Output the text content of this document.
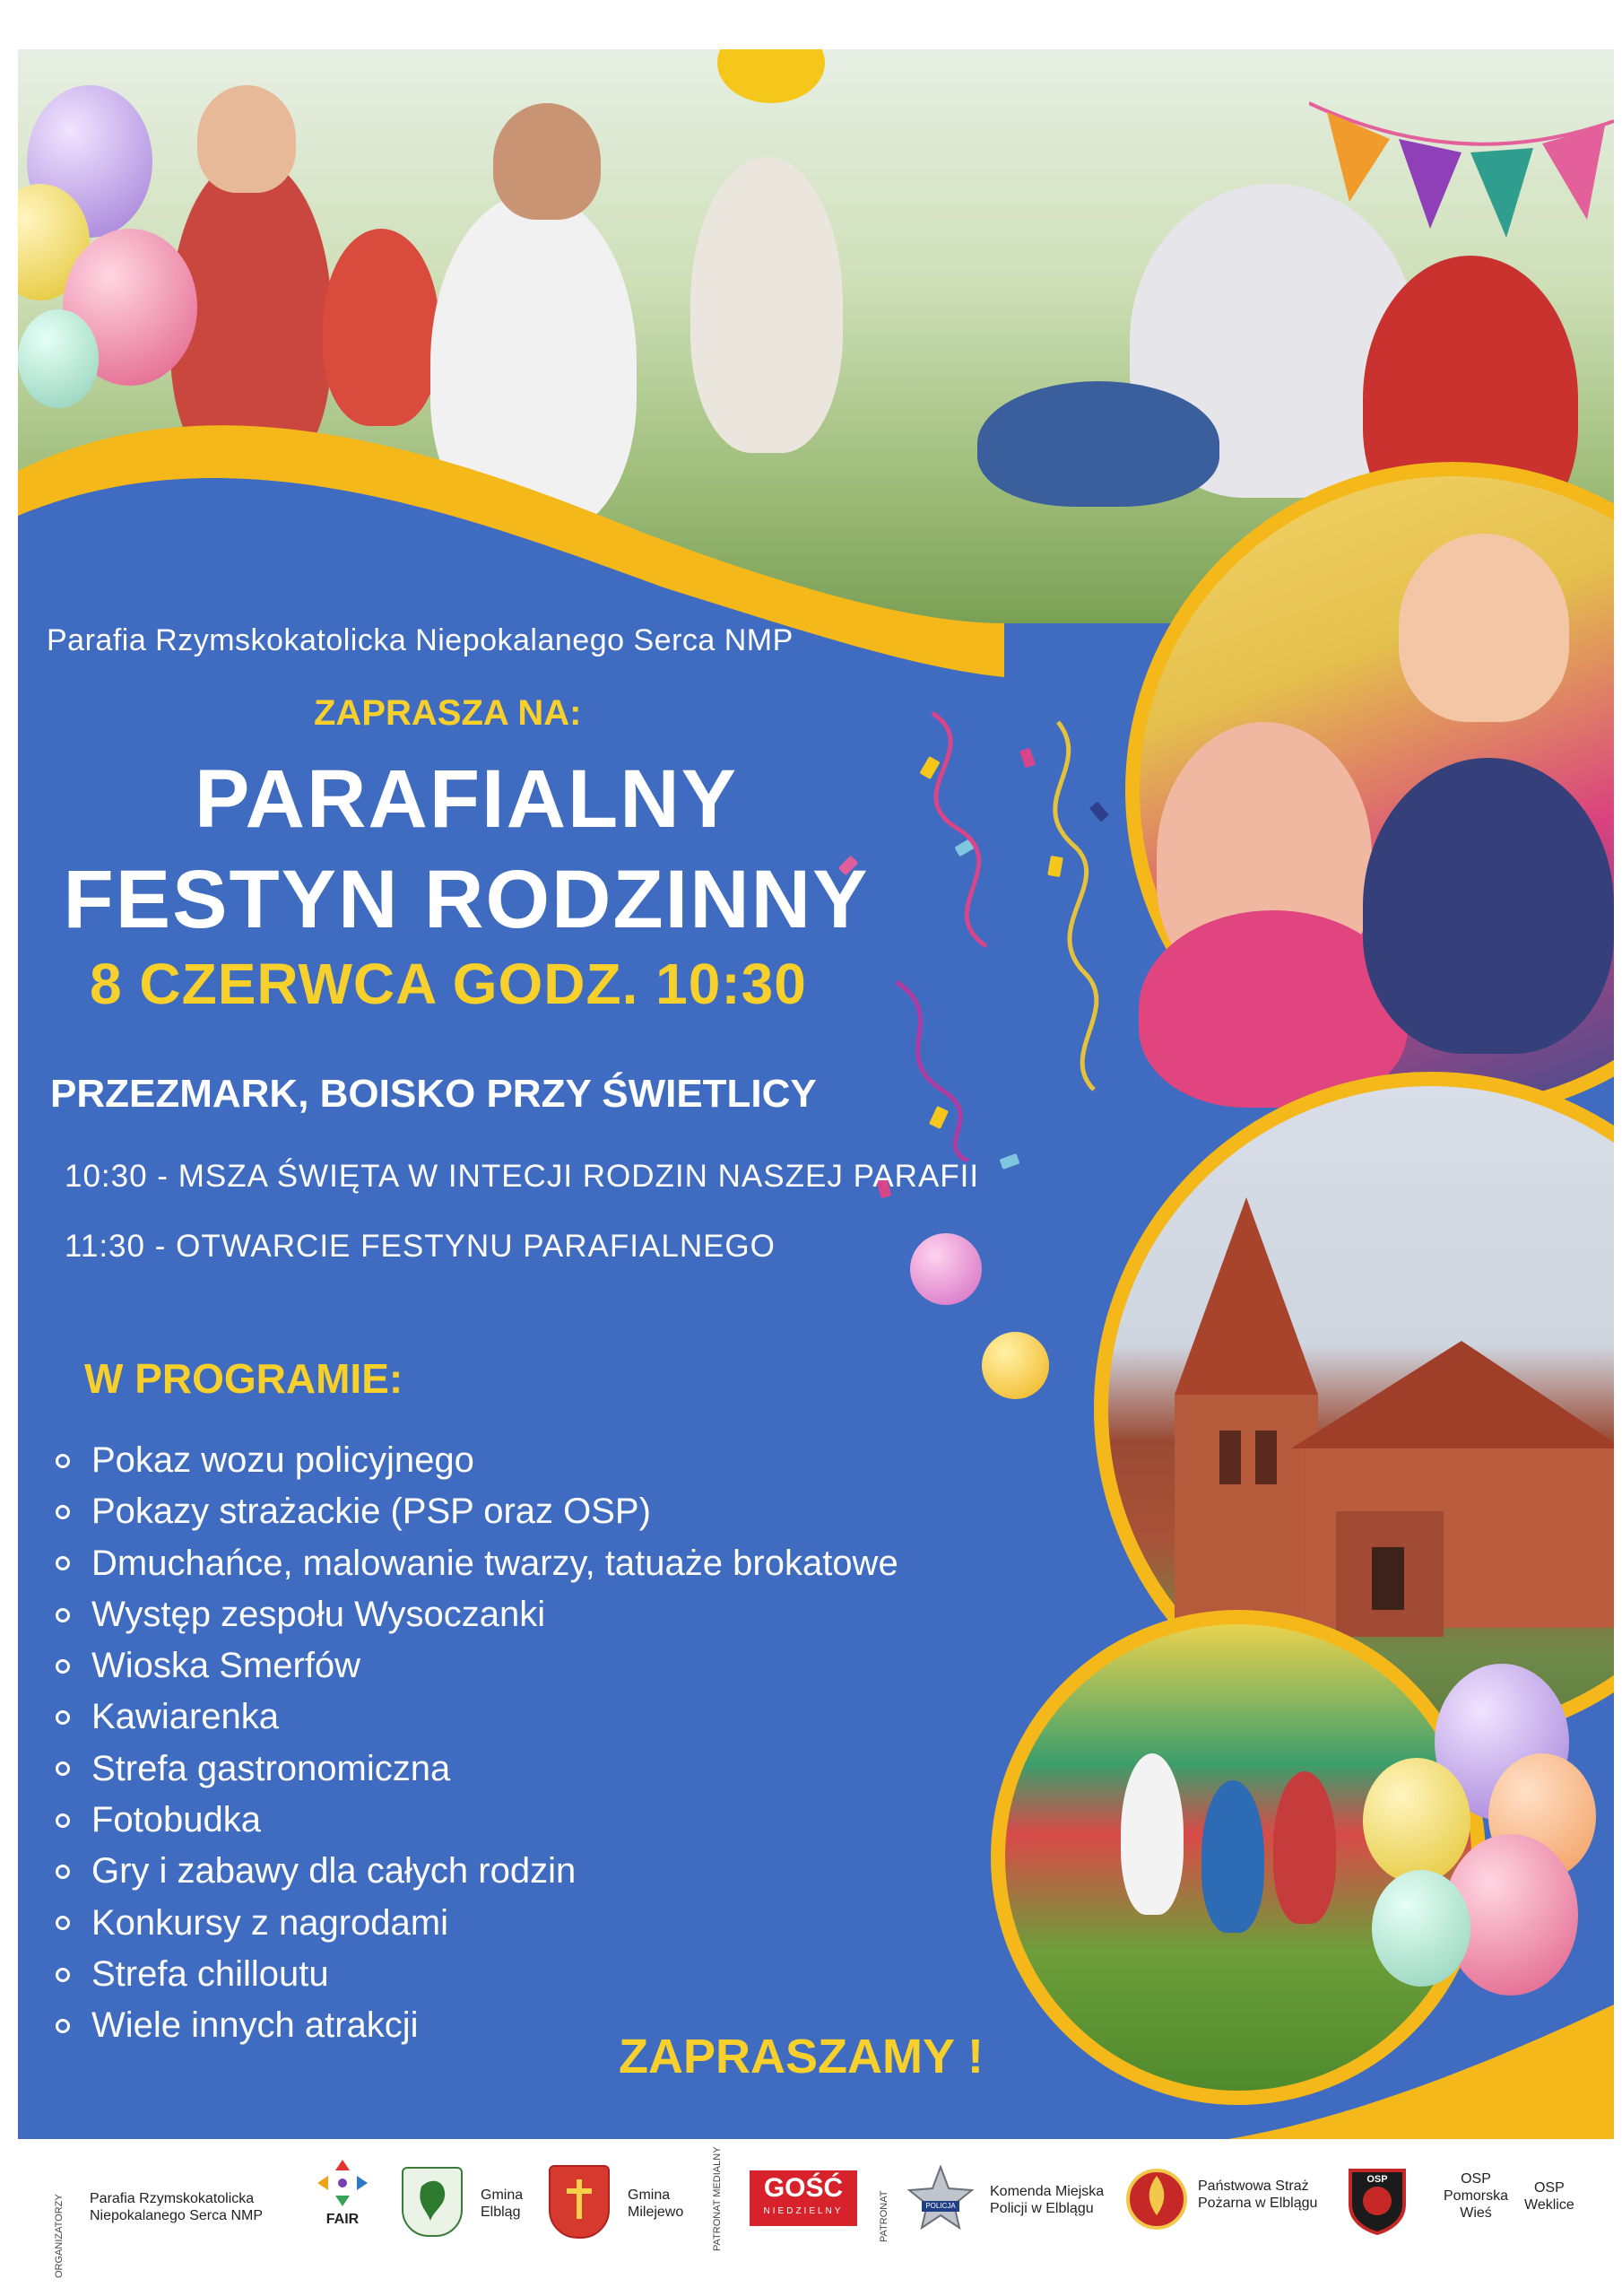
Parafia Rzymskokatolicka Niepokalanego Serca NMP
ZAPRASZA NA:
PARAFIALNY
FESTYN RODZINNY
8 CZERWCA GODZ. 10:30
PRZEZMARK, BOISKO PRZY ŚWIETLICY
10:30 - MSZA ŚWIĘTA W INTECJI RODZIN NASZEJ PARAFII
11:30 - OTWARCIE FESTYNU PARAFIALNEGO
W PROGRAMIE:
Pokaz wozu policyjnego
Pokazy strażackie (PSP oraz OSP)
Dmuchańce, malowanie twarzy, tatuaże brokatowe
Występ zespołu Wysoczanki
Wioska Smerfów
Kawiarenka
Strefa gastronomiczna
Fotobudka
Gry i zabawy dla całych rodzin
Konkursy z nagrodami
Strefa chilloutu
Wiele innych atrakcji
ZAPRASZAMY !
ORGANIZATORZY Parafia Rzymskokatolicka
Niepokalanego Serca NMP	FAIR
Gmina
Elbląg
Gmina
Milejewo	PATRONAT MEDIALNY	GOŚĆ
NIEDZIELNY	PATRONAT	POLICJA
Komenda Miejska
Policji w Elblągu
Państwowa Straż
Pożarna w Elblągu
OSP	OSP
Pomorska
Wieś
OSP
Weklice
